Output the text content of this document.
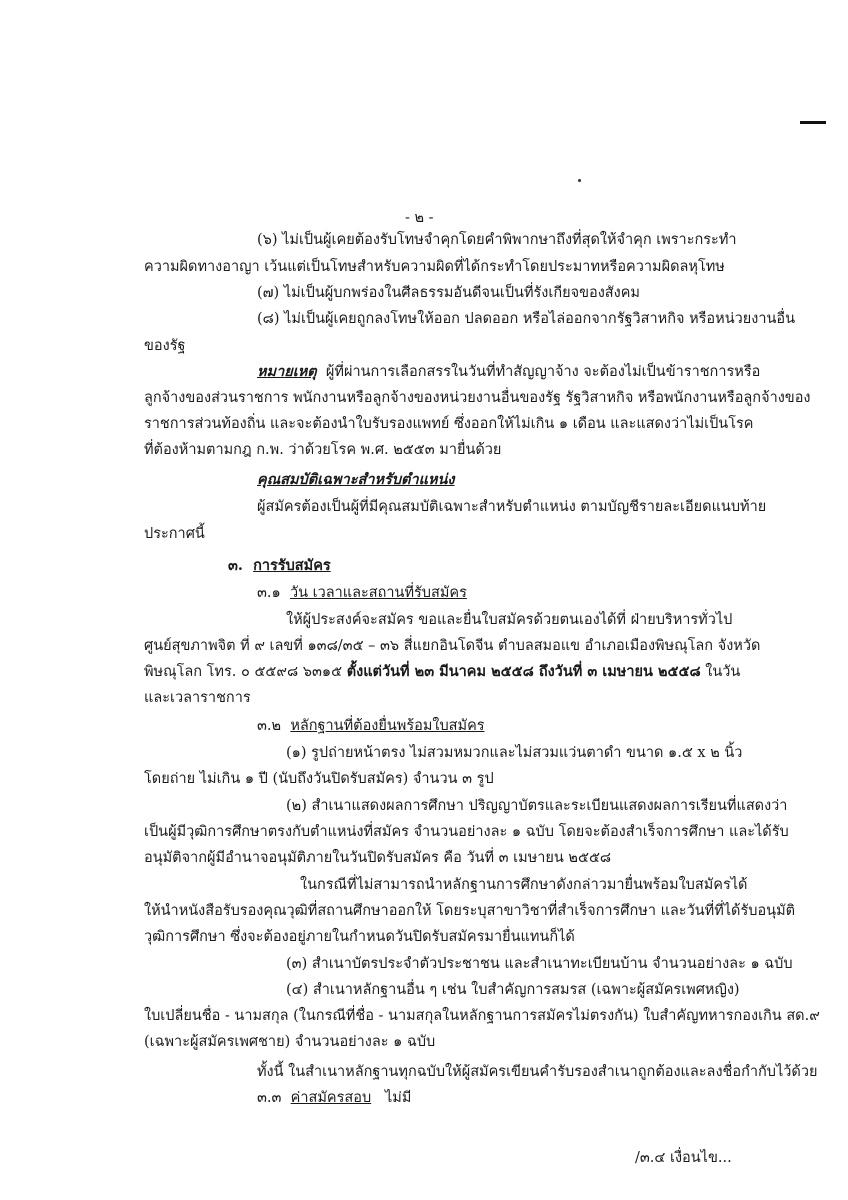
- ๒ -
(๖) ไม่เป็นผู้เคยต้องรับโทษจำคุกโดยคำพิพากษาถึงที่สุดให้จำคุก เพราะกระทำ
ความผิดทางอาญา เว้นแต่เป็นโทษสำหรับความผิดที่ได้กระทำโดยประมาทหรือความผิดลหุโทษ
(๗) ไม่เป็นผู้บกพร่องในศีลธรรมอันดีจนเป็นที่รังเกียจของสังคม
(๘) ไม่เป็นผู้เคยถูกลงโทษให้ออก ปลดออก หรือไล่ออกจากรัฐวิสาหกิจ หรือหน่วยงานอื่น
ของรัฐ
หมายเหตุ ผู้ที่ผ่านการเลือกสรรในวันที่ทำสัญญาจ้าง จะต้องไม่เป็นข้าราชการหรือ
ลูกจ้างของส่วนราชการ พนักงานหรือลูกจ้างของหน่วยงานอื่นของรัฐ รัฐวิสาหกิจ หรือพนักงานหรือลูกจ้างของ
ราชการส่วนท้องถิ่น และจะต้องนำใบรับรองแพทย์ ซึ่งออกให้ไม่เกิน ๑ เดือน และแสดงว่าไม่เป็นโรค
ที่ต้องห้ามตามกฎ ก.พ. ว่าด้วยโรค พ.ศ. ๒๕๕๓ มายื่นด้วย
คุณสมบัติเฉพาะสำหรับตำแหน่ง
ผู้สมัครต้องเป็นผู้ที่มีคุณสมบัติเฉพาะสำหรับตำแหน่ง ตามบัญชีรายละเอียดแนบท้าย
ประกาศนี้
๓. การรับสมัคร
๓.๑ วัน เวลาและสถานที่รับสมัคร
ให้ผู้ประสงค์จะสมัคร ขอและยื่นใบสมัครด้วยตนเองได้ที่ ฝ่ายบริหารทั่วไป
ศูนย์สุขภาพจิต ที่ ๙ เลขที่ ๑๓๘/๓๕ – ๓๖ สี่แยกอินโดจีน ตำบลสมอแข อำเภอเมืองพิษณุโลก จังหวัด
พิษณุโลก โทร. ๐ ๕๕๙๘ ๖๓๑๕ ตั้งแต่วันที่ ๒๓ มีนาคม ๒๕๕๘ ถึงวันที่ ๓ เมษายน ๒๕๕๘ ในวัน
และเวลาราชการ
๓.๒ หลักฐานที่ต้องยื่นพร้อมใบสมัคร
(๑) รูปถ่ายหน้าตรง ไม่สวมหมวกและไม่สวมแว่นตาดำ ขนาด ๑.๕ x ๒ นิ้ว
โดยถ่าย ไม่เกิน ๑ ปี (นับถึงวันปิดรับสมัคร) จำนวน ๓ รูป
(๒) สำเนาแสดงผลการศึกษา ปริญญาบัตรและระเบียนแสดงผลการเรียนที่แสดงว่า
เป็นผู้มีวุฒิการศึกษาตรงกับตำแหน่งที่สมัคร จำนวนอย่างละ ๑ ฉบับ โดยจะต้องสำเร็จการศึกษา และได้รับ
อนุมัติจากผู้มีอำนาจอนุมัติภายในวันปิดรับสมัคร คือ วันที่ ๓ เมษายน ๒๕๕๘
ในกรณีที่ไม่สามารถนำหลักฐานการศึกษาดังกล่าวมายื่นพร้อมใบสมัครได้
ให้นำหนังสือรับรองคุณวุฒิที่สถานศึกษาออกให้ โดยระบุสาขาวิชาที่สำเร็จการศึกษา และวันที่ที่ได้รับอนุมัติ
วุฒิการศึกษา ซึ่งจะต้องอยู่ภายในกำหนดวันปิดรับสมัครมายื่นแทนก็ได้
(๓) สำเนาบัตรประจำตัวประชาชน และสำเนาทะเบียนบ้าน จำนวนอย่างละ ๑ ฉบับ
(๔) สำเนาหลักฐานอื่น ๆ เช่น ใบสำคัญการสมรส (เฉพาะผู้สมัครเพศหญิง)
ใบเปลี่ยนชื่อ - นามสกุล (ในกรณีที่ชื่อ - นามสกุลในหลักฐานการสมัครไม่ตรงกัน) ใบสำคัญทหารกองเกิน สด.๙
(เฉพาะผู้สมัครเพศชาย) จำนวนอย่างละ ๑ ฉบับ
ทั้งนี้ ในสำเนาหลักฐานทุกฉบับให้ผู้สมัครเขียนคำรับรองสำเนาถูกต้องและลงชื่อกำกับไว้ด้วย
๓.๓ ค่าสมัครสอบ ไม่มี
/๓.๔ เงื่อนไข...
